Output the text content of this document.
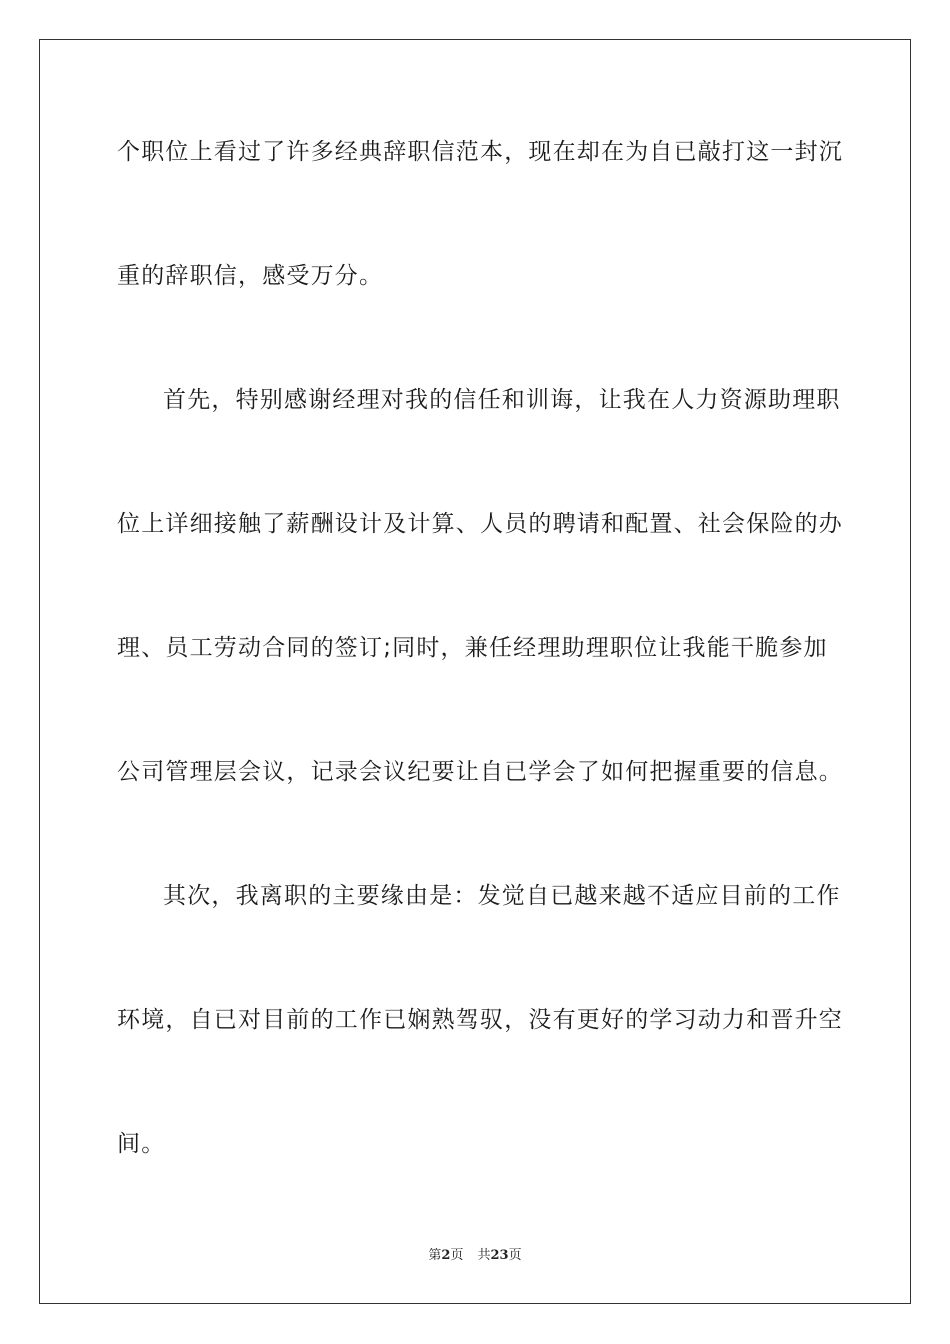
个职位上看过了许多经典辞职信范本，现在却在为自已敲打这一封沉
重的辞职信，感受万分。
首先，特别感谢经理对我的信任和训诲，让我在人力资源助理职
位上详细接触了薪酬设计及计算、人员的聘请和配置、社会保险的办
理、员工劳动合同的签订;同时，兼任经理助理职位让我能干脆参加
公司管理层会议，记录会议纪要让自已学会了如何把握重要的信息。
其次，我离职的主要缘由是：发觉自已越来越不适应目前的工作
环境，自已对目前的工作已娴熟驾驭，没有更好的学习动力和晋升空
间。
第2页 共23页
